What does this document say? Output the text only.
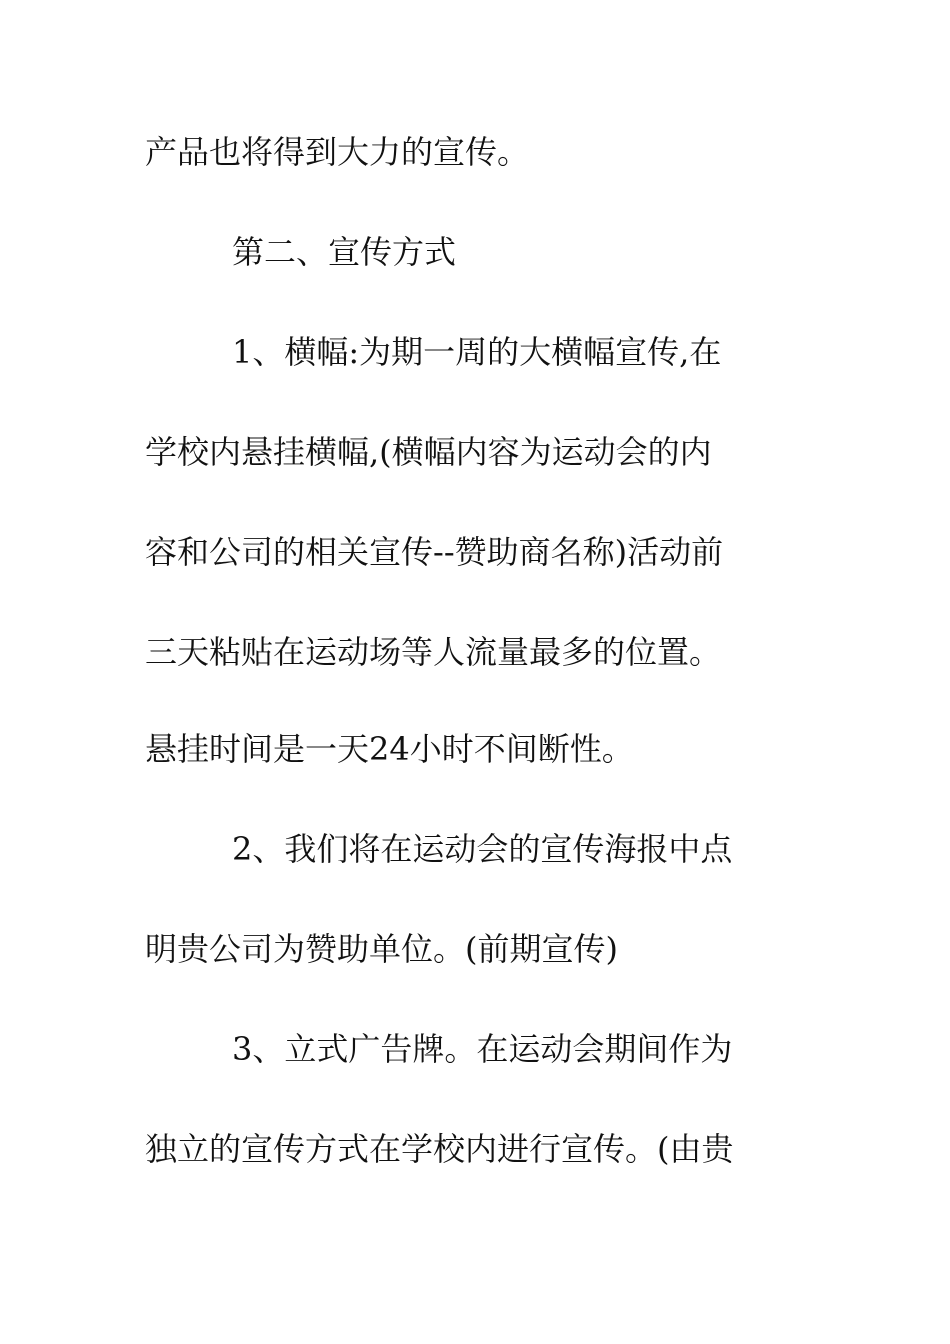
产品也将得到大力的宣传。
第二、宣传方式
1、横幅:为期一周的大横幅宣传,在
学校内悬挂横幅,(横幅内容为运动会的内
容和公司的相关宣传--赞助商名称)活动前
三天粘贴在运动场等人流量最多的位置。
悬挂时间是一天24小时不间断性。
2、我们将在运动会的宣传海报中点
明贵公司为赞助单位。(前期宣传)
3、立式广告牌。在运动会期间作为
独立的宣传方式在学校内进行宣传。(由贵
